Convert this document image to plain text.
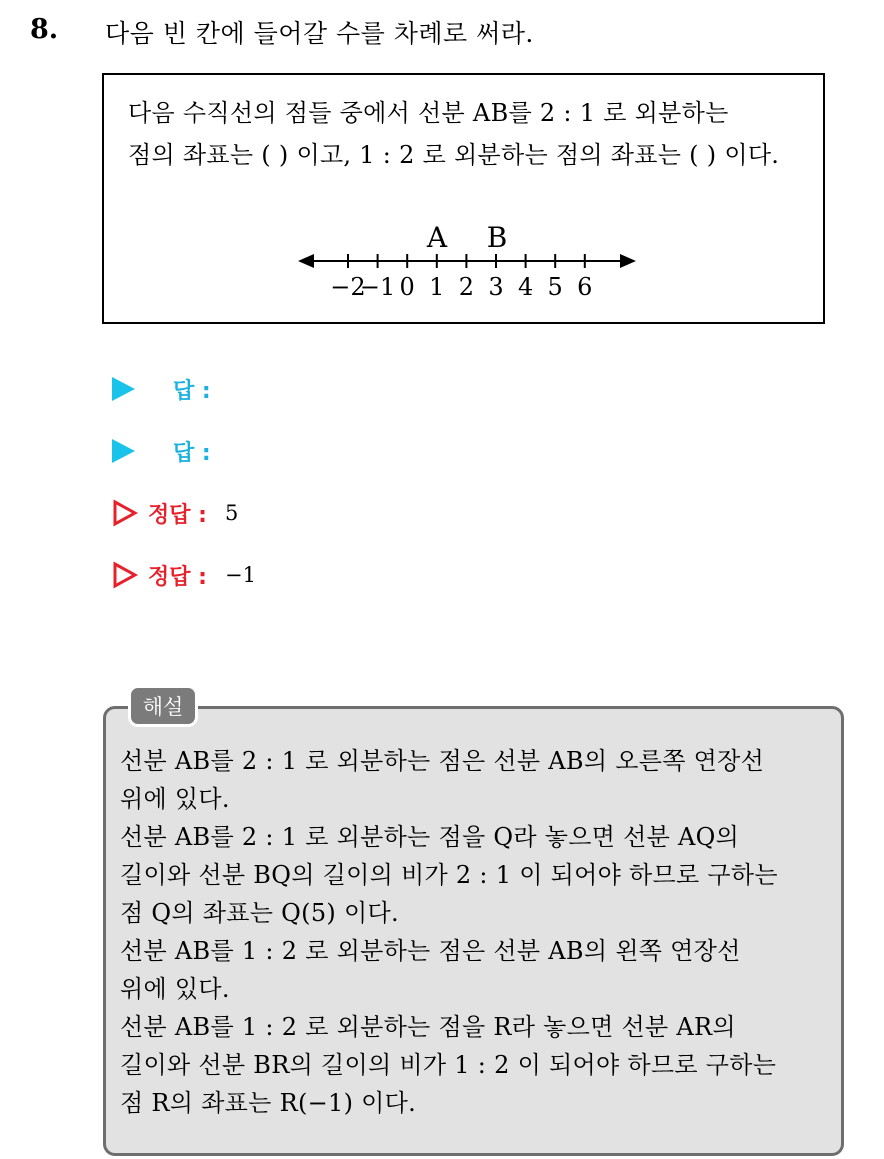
8. 다음 빈 칸에 들어갈 수를 차례로 써라.
다음 수직선의 점들 중에서 선분 AB를 2 : 1 로 외분하는
점의 좌표는 ( ) 이고, 1 : 2 로 외분하는 점의 좌표는 ( ) 이다.
−2
−1 0 1 2 3 4 5 6
A B
답 :
답 :
정답 : 5
정답 : −1
해설
선분 AB를 2 : 1 로 외분하는 점은 선분 AB의 오른쪽 연장선
위에 있다.
선분 AB를 2 : 1 로 외분하는 점을 Q라 놓으면 선분 AQ의
길이와 선분 BQ의 길이의 비가 2 : 1 이 되어야 하므로 구하는
점 Q의 좌표는 Q(5) 이다.
선분 AB를 1 : 2 로 외분하는 점은 선분 AB의 왼쪽 연장선
위에 있다.
선분 AB를 1 : 2 로 외분하는 점을 R라 놓으면 선분 AR의
길이와 선분 BR의 길이의 비가 1 : 2 이 되어야 하므로 구하는
점 R의 좌표는 R(−1) 이다.
